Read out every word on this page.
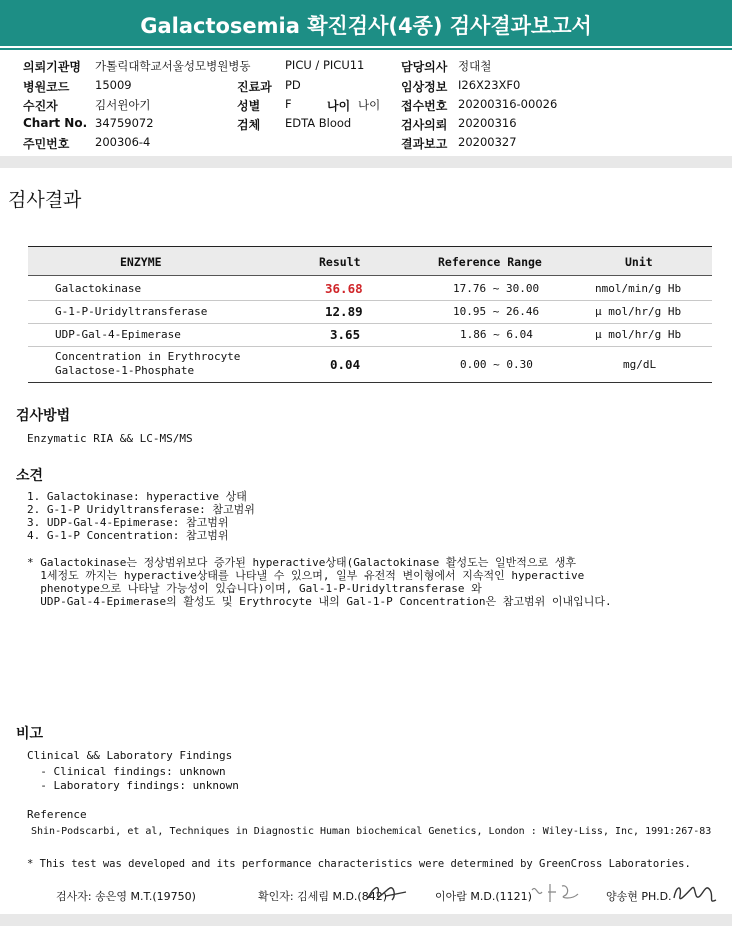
Galactosemia 확진검사(4종) 검사결과보고서
의뢰기관명 가톨릭대학교서울성모병원병동	PICU / PICU11	담당의사 정대철
병원코드 15009	진료과 PD	임상정보 I26X23XF0
수진자	김서윈아기	성별 F	나이 나이 접수번호 20200316-00026
Chart No. 34759072	검체 EDTA Blood	검사의뢰 20200316
주민번호 200306-4	결과보고 20200327
검사결과
ENZYME	Result	Reference Range	Unit
Galactokinase	36.68	17.76 ~ 30.00	nmol/min/g Hb
G-1-P-Uridyltransferase	12.89	10.95 ~ 26.46	μ mol/hr/g Hb
UDP-Gal-4-Epimerase	3.65	1.86 ~ 6.04	μ mol/hr/g Hb
Concentration in Erythrocyte
Galactose-1-Phosphate	0.04	0.00 ~ 0.30	mg/dL
검사방법
Enzymatic RIA && LC-MS/MS
소견
1. Galactokinase: hyperactive 상태
2. G-1-P Uridyltransferase: 참고범위
3. UDP-Gal-4-Epimerase: 참고범위
4. G-1-P Concentration: 참고범위
* Galactokinase는 정상범위보다 증가된 hyperactive상태(Galactokinase 활성도는 일반적으로 생후
1세정도 까지는 hyperactive상태를 나타낼 수 있으며, 일부 유전적 변이형에서 지속적인 hyperactive
phenotype으로 나타날 가능성이 있습니다)이며, Gal-1-P-Uridyltransferase 와
UDP-Gal-4-Epimerase의 활성도 및 Erythrocyte 내의 Gal-1-P Concentration은 참고범위 이내입니다.
비고
Clinical && Laboratory Findings
- Clinical findings: unknown
- Laboratory findings: unknown
Reference
Shin-Podscarbi, et al, Techniques in Diagnostic Human biochemical Genetics, London : Wiley-Liss, Inc, 1991:267-83
* This test was developed and its performance characteristics were determined by GreenCross Laboratories.
검사자: 송은영 M.T.(19750)	확인자: 김세림 M.D.(842)	이아람 M.D.(1121)	양송현 PH.D.
